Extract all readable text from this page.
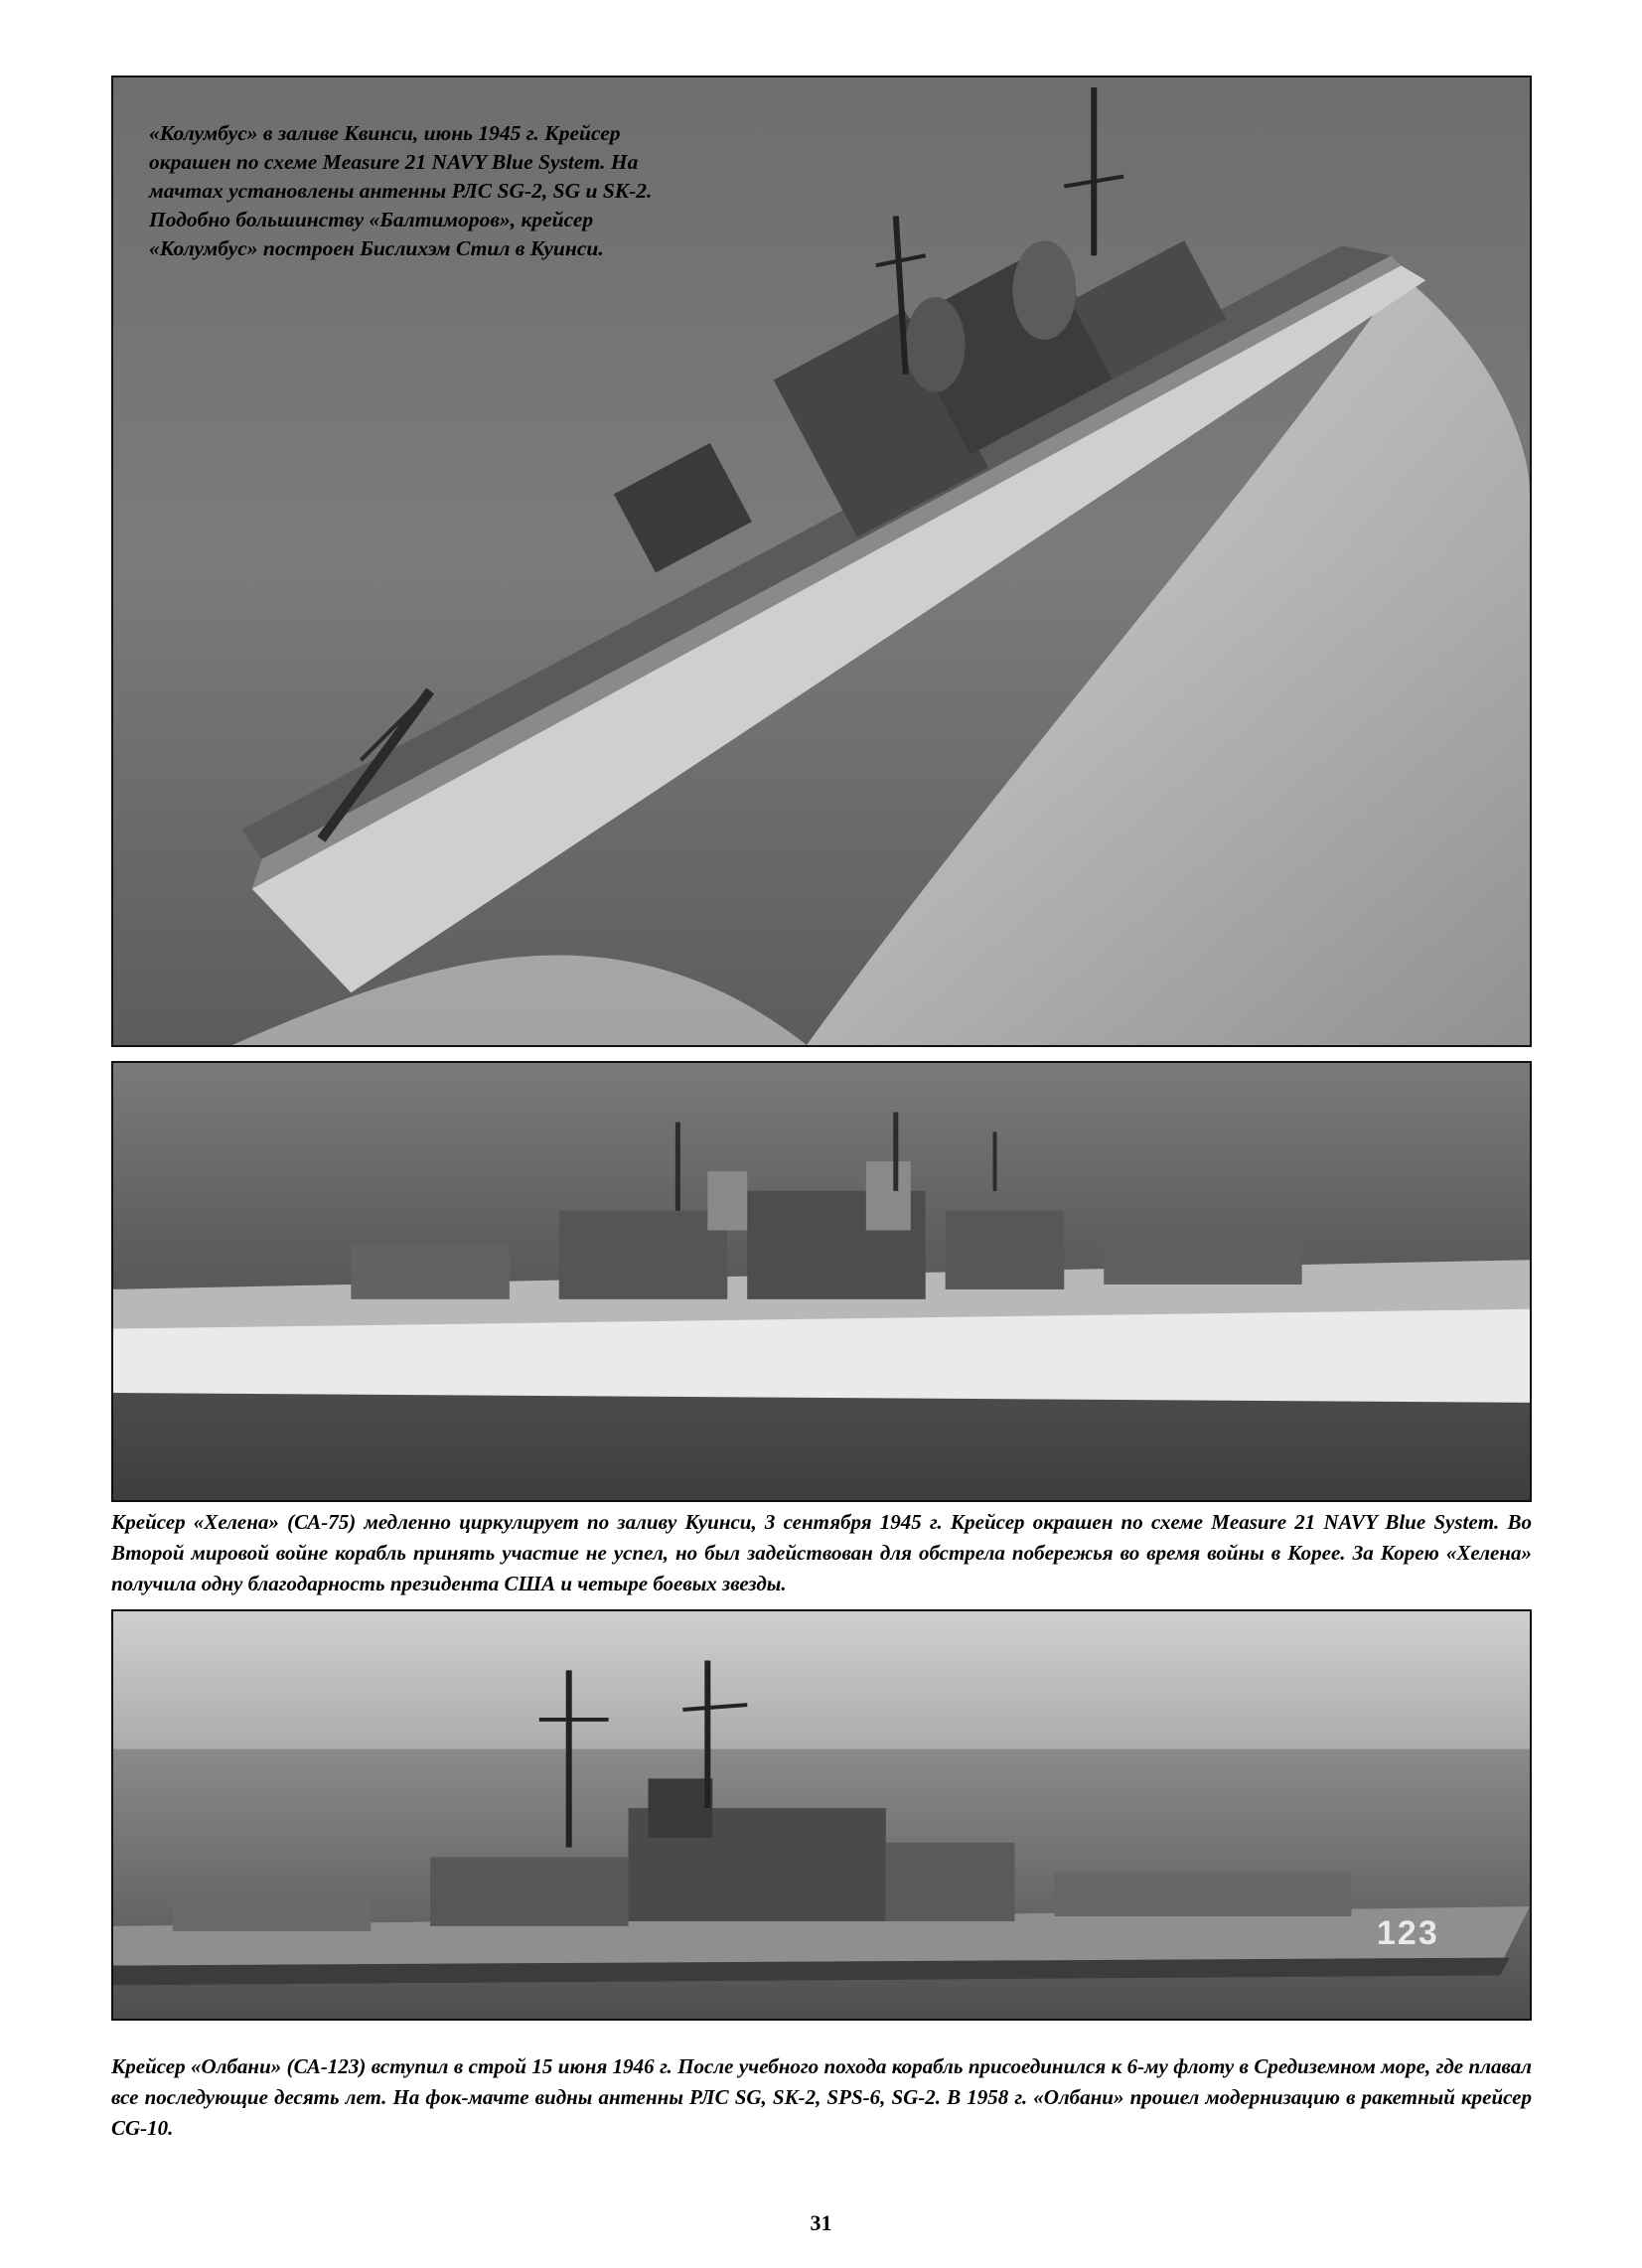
«Колумбус» в заливе Квинси, июнь 1945 г. Крейсер окрашен по схеме Measure 21 NAVY Blue System. На мачтах установлены антенны РЛС SG-2, SG и SK-2. Подобно большинству «Балтиморов», крейсер «Колумбус» построен Бислихэм Стил в Куинси.
Крейсер «Хелена» (СА-75) медленно циркулирует по заливу Куинси, 3 сентября 1945 г. Крейсер окрашен по схеме Measure 21 NAVY Blue System. Во Второй мировой войне корабль принять участие не успел, но был задействован для обстрела побережья во время войны в Корее. За Корею «Хелена» получила одну благодарность президента США и четыре боевых звезды.
123
Крейсер «Олбани» (СА-123) вступил в строй 15 июня 1946 г. После учебного похода корабль присоединился к 6-му флоту в Средиземном море, где плавал все последующие десять лет. На фок-мачте видны антенны РЛС SG, SK-2, SPS-6, SG-2. В 1958 г. «Олбани» прошел модернизацию в ракетный крейсер CG-10.
31
